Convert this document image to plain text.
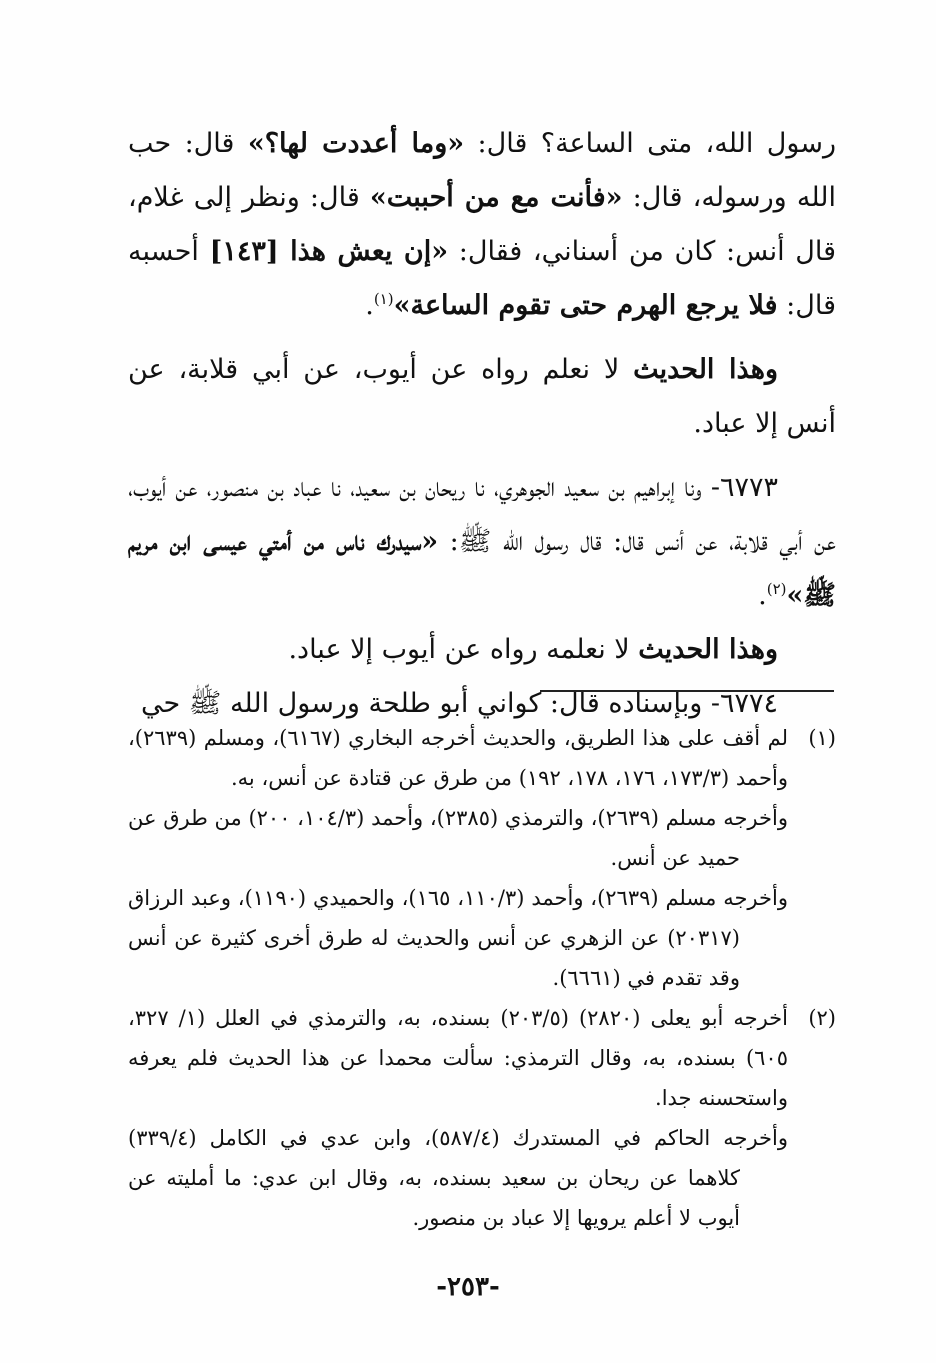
رسول الله، متى الساعة؟ قال: «وما أعددت لها؟» قال: حب الله ورسوله، قال: «فأنت مع من أحببت» قال: ونظر إلى غلام، قال أنس: كان من أسناني، فقال: «إن يعش هذا [١٤٣] أحسبه قال: فلا يرجع الهرم حتى تقوم الساعة»$^{(١)}$.

وهذا الحديث لا نعلم رواه عن أيوب، عن أبي قلابة، عن أنس إلا عباد.

٦٧٧٣- ونا إبراهيم بن سعيد الجوهري، نا ريحان بن سعيد، نا عباد بن منصور، عن أيوب، عن أبي قلابة، عن أنس قال: قال رسول الله ﷺ: «سيدرك ناس من أمتي عيسى ابن مريم ﷺ»$^{(٢)}$.

وهذا الحديث لا نعلمه رواه عن أيوب إلا عباد.

٦٧٧٤- وبإسناده قال: كواني أبو طلحة ورسول الله ﷺ حي

(١)

لم أقف على هذا الطريق، والحديث أخرجه البخاري (٦١٦٧)، ومسلم (٢٦٣٩)، وأحمد (١٧٣/٣، ١٧٦، ١٧٨، ١٩٢) من طرق عن قتادة عن أنس، به.

وأخرجه مسلم (٢٦٣٩)، والترمذي (٢٣٨٥)، وأحمد (١٠٤/٣، ٢٠٠) من طرق عن حميد عن أنس.

وأخرجه مسلم (٢٦٣٩)، وأحمد (١١٠/٣، ١٦٥)، والحميدي (١١٩٠)، وعبد الرزاق (٢٠٣١٧) عن الزهري عن أنس والحديث له طرق أخرى كثيرة عن أنس وقد تقدم في (٦٦٦١).

(٢)

أخرجه أبو يعلى (٢٨٢٠) (٢٠٣/٥) بسنده، به، والترمذي في العلل (١/ ٣٢٧، ٦٠٥) بسنده، به، وقال الترمذي: سألت محمدا عن هذا الحديث فلم يعرفه واستحسنه جدا.

وأخرجه الحاكم في المستدرك (٥٨٧/٤)، وابن عدي في الكامل (٣٣٩/٤) كلاهما عن ريحان بن سعيد بسنده، به، وقال ابن عدي: ما أمليته عن أيوب لا أعلم يرويها إلا عباد بن منصور.

-٢٥٣-
